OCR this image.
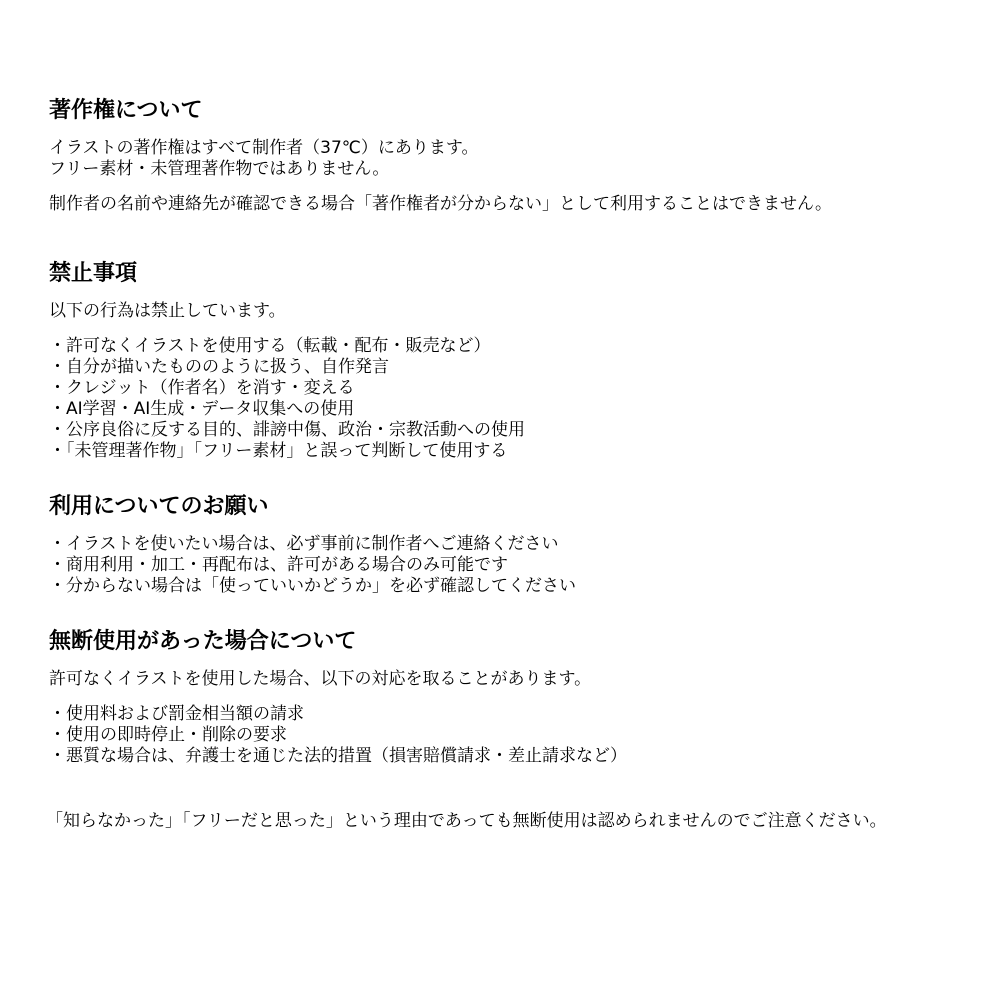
著作権について

イラストの著作権はすべて制作者（37℃）にあります。

フリー素材・未管理著作物ではありません。

制作者の名前や連絡先が確認できる場合「著作権者が分からない」として利用することはできません。

禁止事項

以下の行為は禁止しています。

・ 許可なくイラストを使用する（転載・配布・販売など）
・ 自分が描いたもののように扱う、自作発言
・ クレジット（作者名）を消す・変える
・ AI学習・AI生成・データ収集への使用
・ 公序良俗に反する目的、誹謗中傷、政治・宗教活動への使用
・ 「未管理著作物」「フリー素材」と誤って判断して使用する
利用についてのお願い
・ イラストを使いたい場合は、必ず事前に制作者へご連絡ください
・ 商用利用・加工・再配布は、許可がある場合のみ可能です
・ 分からない場合は「使っていいかどうか」を必ず確認してください
無断使用があった場合について

許可なくイラストを使用した場合、以下の対応を取ることがあります。

・ 使用料および罰金相当額の請求
・ 使用の即時停止・削除の要求
・ 悪質な場合は、弁護士を通じた法的措置（損害賠償請求・差止請求など）

「知らなかった」「フリーだと思った」という理由であっても無断使用は認められませんのでご注意ください。
